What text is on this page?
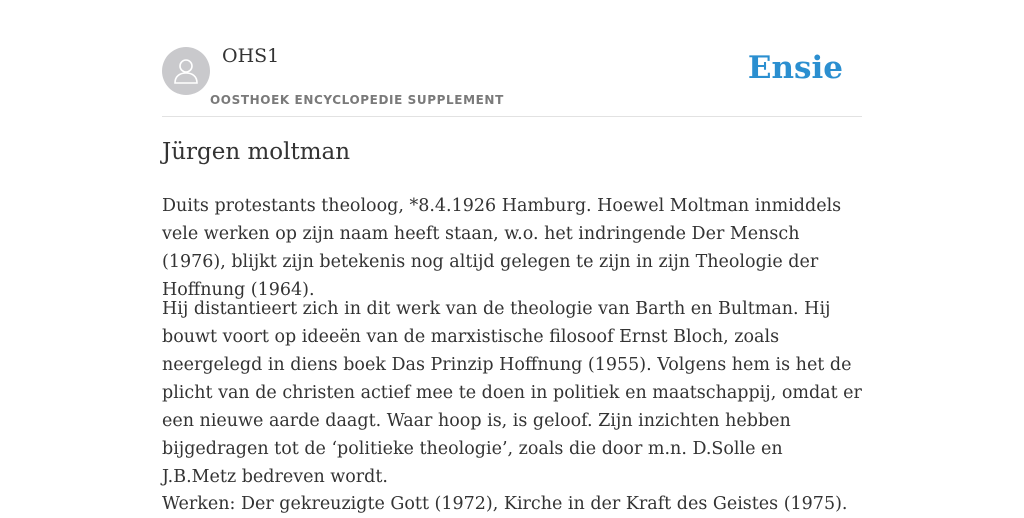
OHS1
OOSTHOEK ENCYCLOPEDIE SUPPLEMENT
Ensie
Jürgen moltman

Duits protestants theoloog, *8.4.1926 Hamburg. Hoewel Moltman inmiddels vele werken op zijn naam heeft staan, w.o. het indringende Der Mensch (1976), blijkt zijn betekenis nog altijd gelegen te zijn in zijn Theologie der Hoffnung (1964).

Hij distantieert zich in dit werk van de theologie van Barth en Bultman. Hij bouwt voort op ideeën van de marxistische filosoof Ernst Bloch, zoals neergelegd in diens boek Das Prinzip Hoffnung (1955). Volgens hem is het de plicht van de christen actief mee te doen in politiek en maatschappij, omdat er een nieuwe aarde daagt. Waar hoop is, is geloof. Zijn inzichten hebben bijgedragen tot de ‘politieke theologie’, zoals die door m.n. D.Solle en J.B.Metz bedreven wordt.

Werken: Der gekreuzigte Gott (1972), Kirche in der Kraft des Geistes (1975).
